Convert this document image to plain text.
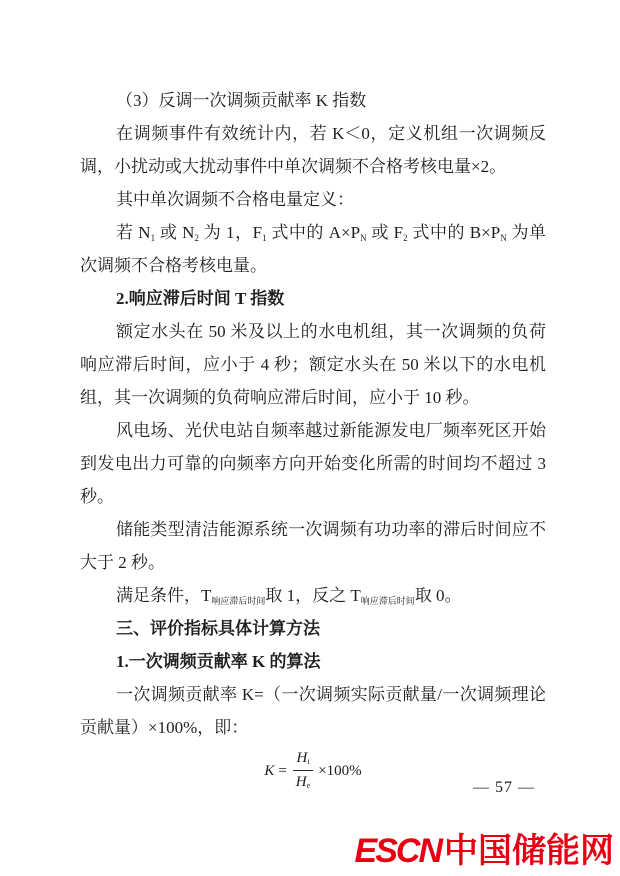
（3）反调一次调频贡献率 K 指数

在调频事件有效统计内，若 K＜0，定义机组一次调频反调，小扰动或大扰动事件中单次调频不合格考核电量×2。

其中单次调频不合格电量定义：

若 $N_1$ 或 $N_2$ 为 1，$F_1$ 式中的 $A\times P_N$ 或 $F_2$ 式中的 $B\times P_N$ 为单次调频不合格考核电量。

2.响应滞后时间 T 指数

额定水头在 50 米及以上的水电机组，其一次调频的负荷响应滞后时间，应小于 4 秒；额定水头在 50 米以下的水电机组，其一次调频的负荷响应滞后时间，应小于 10 秒。

风电场、光伏电站自频率越过新能源发电厂频率死区开始到发电出力可靠的向频率方向开始变化所需的时间均不超过 3 秒。

储能类型清洁能源系统一次调频有功功率的滞后时间应不大于 2 秒。

满足条件，$T_{响应滞后时间}$取 1，反之 $T_{响应滞后时间}$取 0。

三、评价指标具体计算方法

1.一次调频贡献率 K 的算法

一次调频贡献率 K=（一次调频实际贡献量/一次调频理论贡献量）×100%，即：

$K = \frac{H_i}{H_e} \times 100\%$
— 57 —
ESCN中国储能网
